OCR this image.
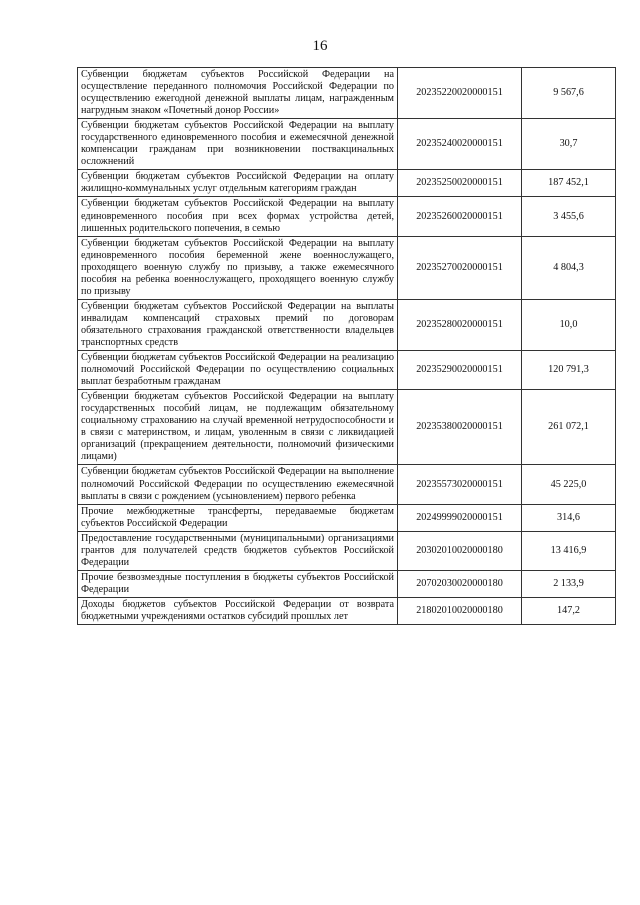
16
Субвенции бюджетам субъектов Российской Федерации на осуществление переданного полномочия Российской Федерации по осуществлению ежегодной денежной выплаты лицам, награжденным нагрудным знаком «Почетный донор России»	20235220020000151	9 567,6
Субвенции бюджетам субъектов Российской Федерации на выплату государственного единовременного пособия и ежемесячной денежной компенсации гражданам при возникновении поствакцинальных осложнений	20235240020000151	30,7
Субвенции бюджетам субъектов Российской Федерации на оплату жилищно-коммунальных услуг отдельным категориям граждан	20235250020000151	187 452,1
Субвенции бюджетам субъектов Российской Федерации на выплату единовременного пособия при всех формах устройства детей, лишенных родительского попечения, в семью	20235260020000151	3 455,6
Субвенции бюджетам субъектов Российской Федерации на выплату единовременного пособия беременной жене военнослужащего, проходящего военную службу по призыву, а также ежемесячного пособия на ребенка военнослужащего, проходящего военную службу по призыву	20235270020000151	4 804,3
Субвенции бюджетам субъектов Российской Федерации на выплаты инвалидам компенсаций страховых премий по договорам обязательного страхования гражданской ответственности владельцев транспортных средств	20235280020000151	10,0
Субвенции бюджетам субъектов Российской Федерации на реализацию полномочий Российской Федерации по осуществлению социальных выплат безработным гражданам	20235290020000151	120 791,3
Субвенции бюджетам субъектов Российской Федерации на выплату государственных пособий лицам, не подлежащим обязательному социальному страхованию на случай временной нетрудоспособности и в связи с материнством, и лицам, уволенным в связи с ликвидацией организаций (прекращением деятельности, полномочий физическими лицами)	20235380020000151	261 072,1
Субвенции бюджетам субъектов Российской Федерации на выполнение полномочий Российской Федерации по осуществлению ежемесячной выплаты в связи с рождением (усыновлением) первого ребенка	20235573020000151	45 225,0
Прочие межбюджетные трансферты, передаваемые бюджетам субъектов Российской Федерации	20249999020000151	314,6
Предоставление государственными (муниципальными) организациями грантов для получателей средств бюджетов субъектов Российской Федерации	20302010020000180	13 416,9
Прочие безвозмездные поступления в бюджеты субъектов Российской Федерации	20702030020000180	2 133,9
Доходы бюджетов субъектов Российской Федерации от возврата бюджетными учреждениями остатков субсидий прошлых лет	21802010020000180	147,2
